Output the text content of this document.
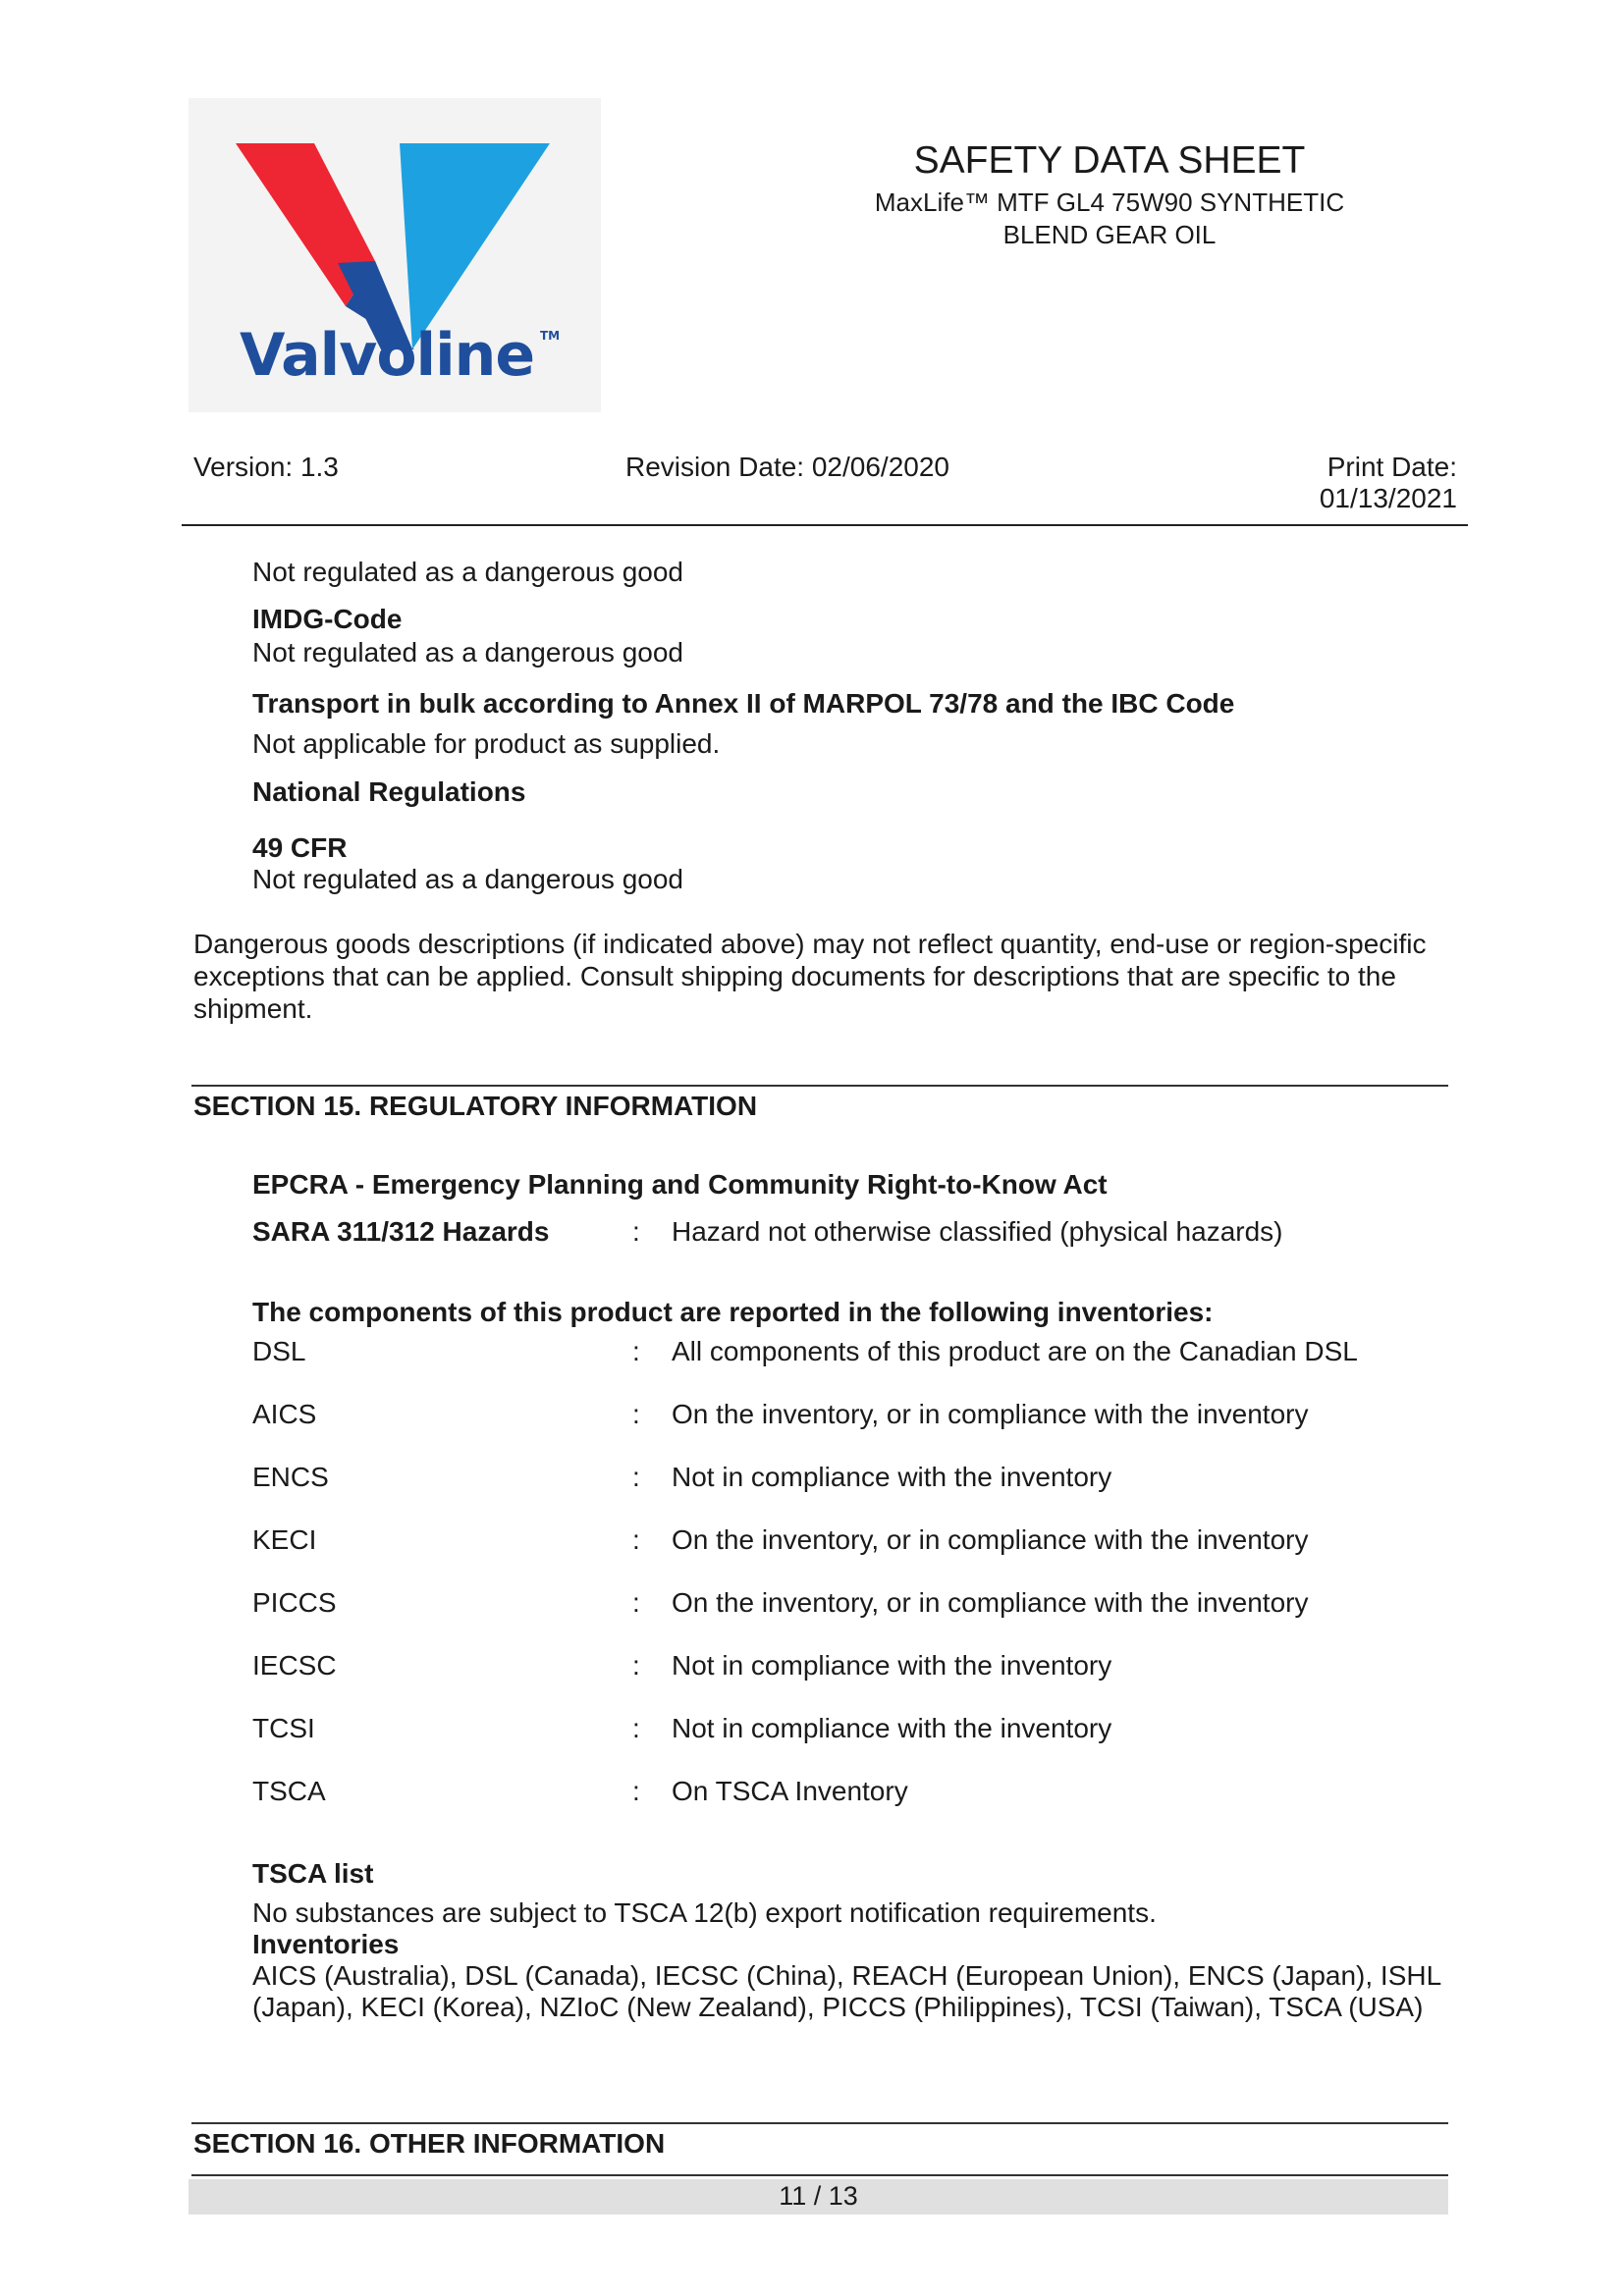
Valvoline TM
SAFETY DATA SHEET
MaxLife™ MTF GL4 75W90 SYNTHETIC
BLEND GEAR OIL
Version: 1.3	Revision Date: 02/06/2020	Print Date:
01/13/2021
Not regulated as a dangerous good
IMDG-Code
Not regulated as a dangerous good
Transport in bulk according to Annex II of MARPOL 73/78 and the IBC Code
Not applicable for product as supplied.
National Regulations
49 CFR
Not regulated as a dangerous good
Dangerous goods descriptions (if indicated above) may not reflect quantity, end-use or region-specific exceptions that can be applied. Consult shipping documents for descriptions that are specific to the shipment.
SECTION 15. REGULATORY INFORMATION
EPCRA - Emergency Planning and Community Right-to-Know Act
SARA 311/312 Hazards	: Hazard not otherwise classified (physical hazards)
The components of this product are reported in the following inventories:
DSL	: All components of this product are on the Canadian DSL
AICS	: On the inventory, or in compliance with the inventory
ENCS	: Not in compliance with the inventory
KECI	: On the inventory, or in compliance with the inventory
PICCS	: On the inventory, or in compliance with the inventory
IECSC	: Not in compliance with the inventory
TCSI	: Not in compliance with the inventory
TSCA	: On TSCA Inventory
TSCA list
No substances are subject to TSCA 12(b) export notification requirements.
Inventories
AICS (Australia), DSL (Canada), IECSC (China), REACH (European Union), ENCS (Japan), ISHL
(Japan), KECI (Korea), NZIoC (New Zealand), PICCS (Philippines), TCSI (Taiwan), TSCA (USA)
SECTION 16. OTHER INFORMATION
11 / 13
